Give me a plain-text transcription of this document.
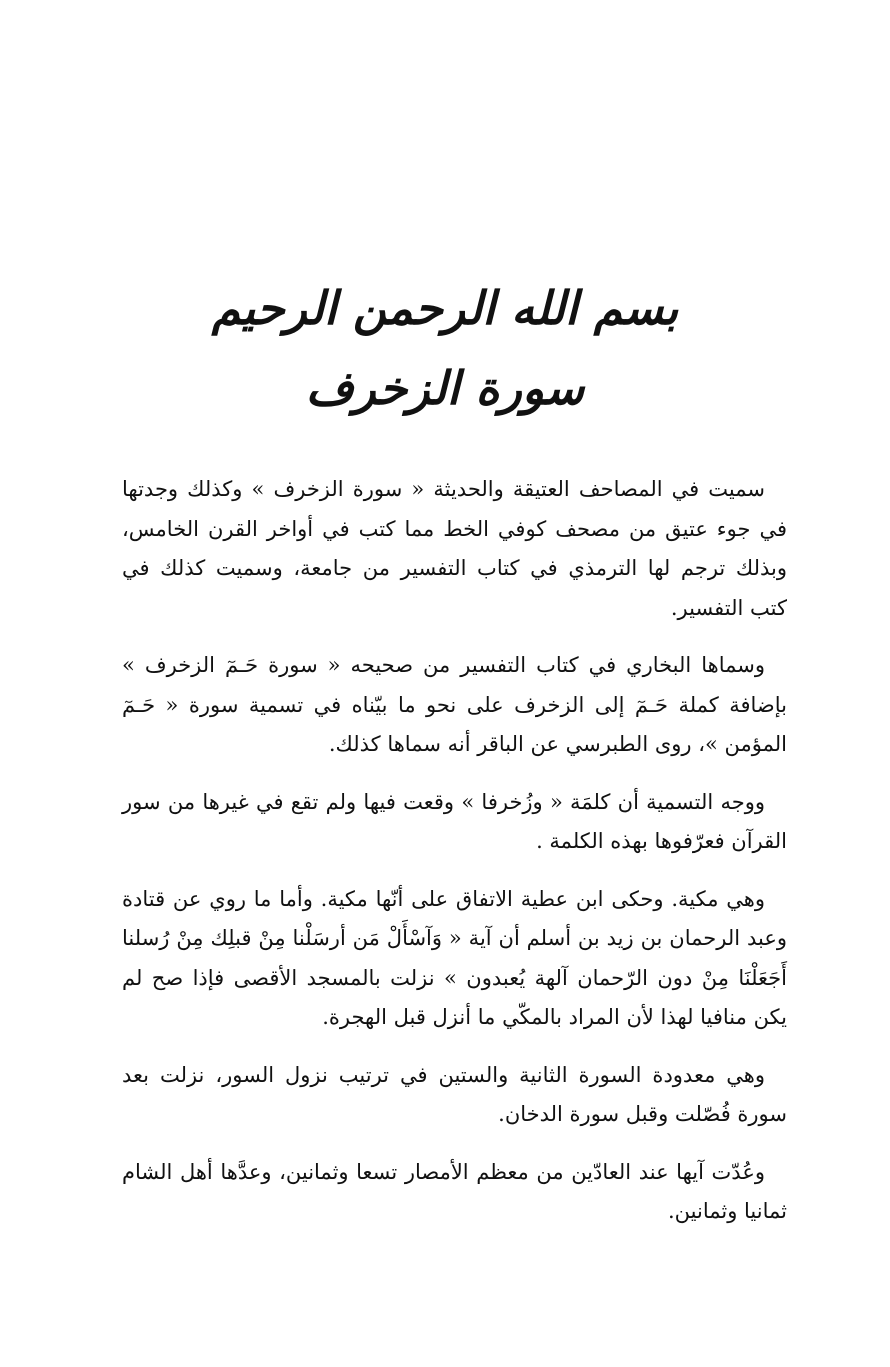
بسم الله الرحمن الرحيم
سورة الزخرف

سميت في المصاحف العتيقة والحديثة « سورة الزخرف » وكذلك وجدتها في جوء عتيق من مصحف كوفي الخط مما كتب في أواخر القرن الخامس، وبذلك ترجم لها الترمذي في كتاب التفسير من جامعة، وسميت كذلك في كتب التفسير.

وسماها البخاري في كتاب التفسير من صحيحه « سورة حَـمٓ الزخرف » بإضافة كملة حَـمٓ إلى الزخرف على نحو ما بيّناه في تسمية سورة « حَـمٓ المؤمن »، روى الطبرسي عن الباقر أنه سماها كذلك.

ووجه التسمية أن كلمَة « وزُخرفا » وقعت فيها ولم تقع في غيرها من سور القرآن فعرّفوها بهذه الكلمة .

وهي مكية. وحكى ابن عطية الاتفاق على أنّها مكية. وأما ما روي عن قتادة وعبد الرحمان بن زيد بن أسلم أن آية « وَآسْأَلْ مَن أرسَلْنا مِنْ قبلِك مِنْ رُسلنا أَجَعَلْنَا مِنْ دون الرّحمان آلهة يُعبدون » نزلت بالمسجد الأقصى فإذا صح لم يكن منافيا لهذا لأن المراد بالمكّي ما أنزل قبل الهجرة.

وهي معدودة السورة الثانية والستين في ترتيب نزول السور، نزلت بعد سورة فُصّلت وقبل سورة الدخان.

وعُدّت آيها عند العادّين من معظم الأمصار تسعا وثمانين، وعدَّها أهل الشام ثمانيا وثمانين.
